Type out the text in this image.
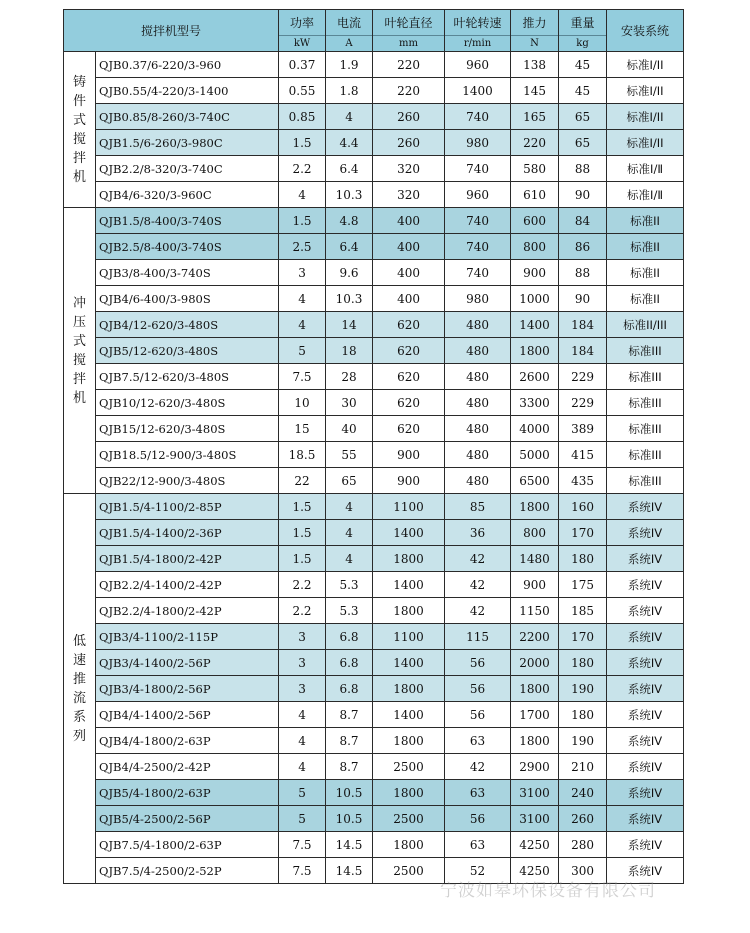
搅拌机型号		功率	电流	叶轮直径	叶轮转速	推力	重量	安装系统
		kW	A	mm	r/min	N	kg	
铸件式搅拌机	QJB0.37/6-220/3-960	0.37	1.9	220	960	138	45	标准Ⅰ/II
	QJB0.55/4-220/3-1400	0.55	1.8	220	1400	145	45	标准Ⅰ/II
	QJB0.85/8-260/3-740C	0.85	4	260	740	165	65	标准Ⅰ/II
	QJB1.5/6-260/3-980C	1.5	4.4	260	980	220	65	标准Ⅰ/II
	QJB2.2/8-320/3-740C	2.2	6.4	320	740	580	88	标准Ⅰ/Ⅱ
	QJB4/6-320/3-960C	4	10.3	320	960	610	90	标准Ⅰ/Ⅱ
冲压式搅拌机	QJB1.5/8-400/3-740S	1.5	4.8	400	740	600	84	标准II
	QJB2.5/8-400/3-740S	2.5	6.4	400	740	800	86	标准II
	QJB3/8-400/3-740S	3	9.6	400	740	900	88	标准II
	QJB4/6-400/3-980S	4	10.3	400	980	1000	90	标准II
	QJB4/12-620/3-480S	4	14	620	480	1400	184	标准II/III
	QJB5/12-620/3-480S	5	18	620	480	1800	184	标准III
	QJB7.5/12-620/3-480S	7.5	28	620	480	2600	229	标准III
	QJB10/12-620/3-480S	10	30	620	480	3300	229	标准III
	QJB15/12-620/3-480S	15	40	620	480	4000	389	标准III
	QJB18.5/12-900/3-480S	18.5	55	900	480	5000	415	标准III
	QJB22/12-900/3-480S	22	65	900	480	6500	435	标准III
低速推流系列	QJB1.5/4-1100/2-85P	1.5	4	1100	85	1800	160	系统IV
	QJB1.5/4-1400/2-36P	1.5	4	1400	36	800	170	系统IV
	QJB1.5/4-1800/2-42P	1.5	4	1800	42	1480	180	系统IV
	QJB2.2/4-1400/2-42P	2.2	5.3	1400	42	900	175	系统IV
	QJB2.2/4-1800/2-42P	2.2	5.3	1800	42	1150	185	系统IV
	QJB3/4-1100/2-115P	3	6.8	1100	115	2200	170	系统IV
	QJB3/4-1400/2-56P	3	6.8	1400	56	2000	180	系统IV
	QJB3/4-1800/2-56P	3	6.8	1800	56	1800	190	系统IV
	QJB4/4-1400/2-56P	4	8.7	1400	56	1700	180	系统IV
	QJB4/4-1800/2-63P	4	8.7	1800	63	1800	190	系统IV
	QJB4/4-2500/2-42P	4	8.7	2500	42	2900	210	系统IV
	QJB5/4-1800/2-63P	5	10.5	1800	63	3100	240	系统IV
	QJB5/4-2500/2-56P	5	10.5	2500	56	3100	260	系统IV
	QJB7.5/4-1800/2-63P	7.5	14.5	1800	63	4250	280	系统IV
	QJB7.5/4-2500/2-52P	7.5	14.5	2500	52	4250	300	系统IV
宁波如皋环保设备有限公司
